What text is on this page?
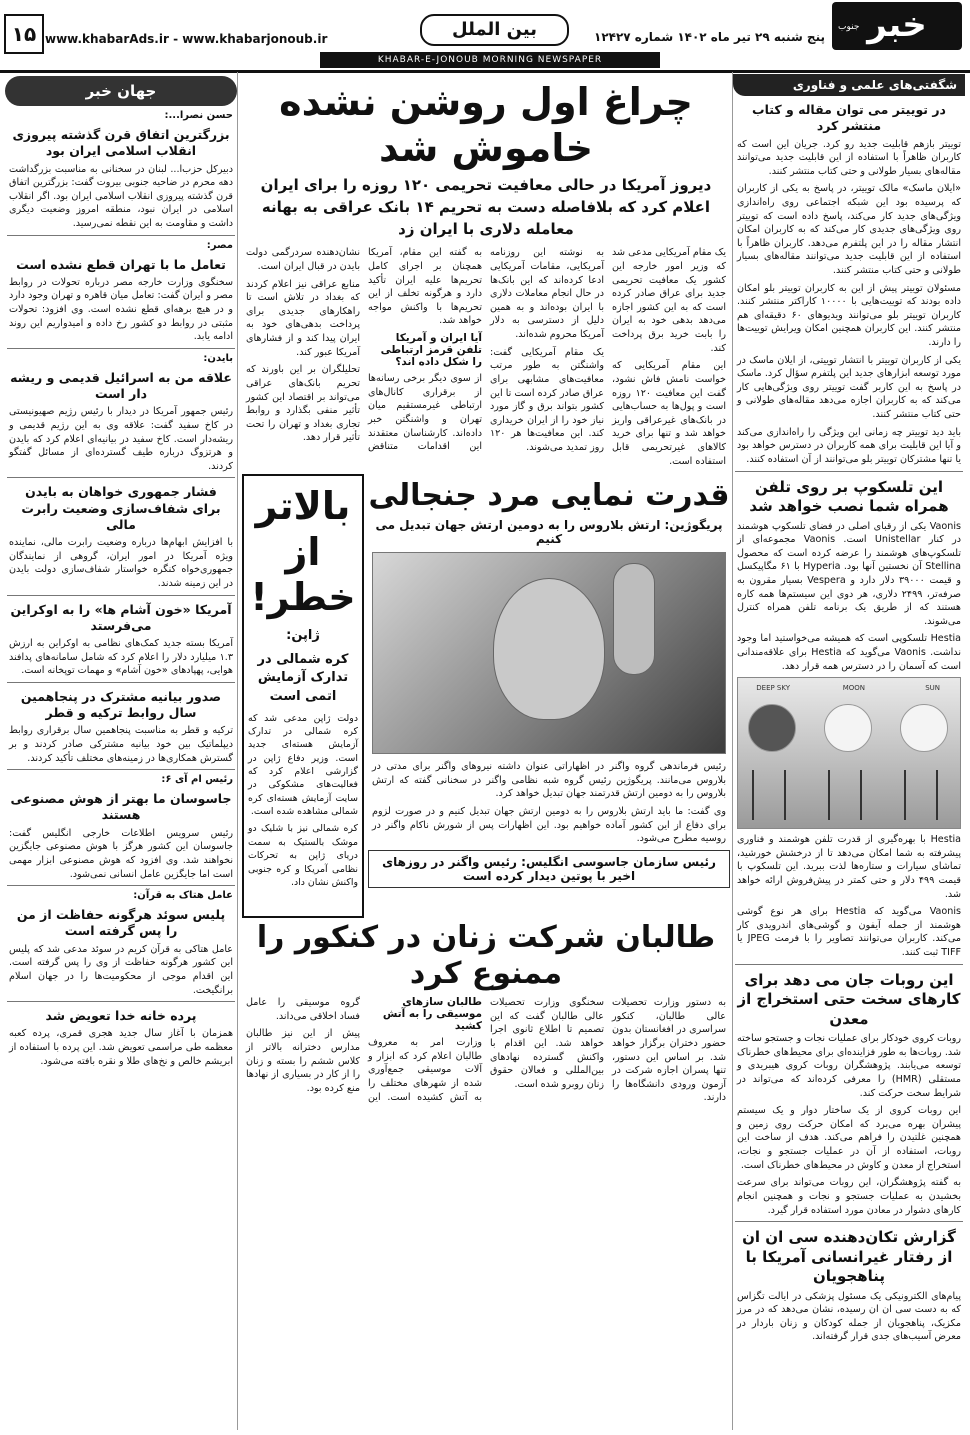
جنوب خبر
پنج شنبه ۲۹ تیر ماه ۱۴۰۲ شماره ۱۲۴۲۷
بین الملل
www.khabarAds.ir - www.khabarjonoub.ir
۱۵
KHABAR-E-JONOUB MORNING NEWSPAPER
شگفتی‌های علمی و فناوری
در توییتر می توان مقاله و کتاب منتشر کرد

توییتر بازهم قابلیت جدید رو کرد. جریان این است که کاربران ظاهراً با استفاده از این قابلیت جدید می‌توانند مقاله‌های بسیار طولانی و حتی کتاب منتشر کنند.

«ایلان ماسک» مالک توییتر، در پاسخ به یکی از کاربران که پرسیده بود این شبکه اجتماعی روی راه‌اندازی ویژگی‌های جدید کار می‌کند، پاسخ داده است که توییتر روی ویژگی‌های جدیدی کار می‌کند که به کاربران امکان انتشار مقاله را در این پلتفرم می‌دهد. کاربران ظاهراً با استفاده از این قابلیت جدید می‌توانند مقاله‌های بسیار طولانی و حتی کتاب منتشر کنند.

مسئولان توییتر پیش از این به کاربران توییتر بلو امکان داده بودند که توییت‌هایی با ۱۰۰۰۰ کاراکتر منتشر کنند. کاربران توییتر بلو می‌توانند ویدیوهای ۶۰ دقیقه‌ای هم منتشر کنند. این کاربران همچنین امکان ویرایش توییت‌ها را دارند.

یکی از کاربران توییتر با انتشار توییتی، از ایلان ماسک در مورد توسعه ابزارهای جدید این پلتفرم سؤال کرد. ماسک در پاسخ به این کاربر گفت توییتر روی ویژگی‌هایی کار می‌کند که به کاربران اجازه می‌دهد مقاله‌های طولانی و حتی کتاب منتشر کنند.

باید دید توییتر چه زمانی این ویژگی را راه‌اندازی می‌کند و آیا این قابلیت برای همه کاربران در دسترس خواهد بود یا تنها مشترکان توییتر بلو می‌توانند از آن استفاده کنند.

این تلسکوپ بر روی تلفن همراه شما نصب خواهد شد

Vaonis یکی از رقبای اصلی در فضای تلسکوپ هوشمند در کنار Unistellar است. Vaonis مجموعه‌ای از تلسکوپ‌های هوشمند را عرضه کرده است که محصول Stellina آن نخستین آنها بود. Hyperia با ۶۱ مگاپیکسل و قیمت ۳۹۰۰۰ دلار دارد و Vespera بسیار مقرون به صرفه‌تر، ۲۴۹۹ دلاری، هر دوی این سیستم‌ها همه کاره هستند که از طریق یک برنامه تلفن همراه کنترل می‌شوند.

Hestia تلسکوپی است که همیشه می‌خواستید اما وجود نداشت. Vaonis می‌گوید که Hestia برای علاقه‌مندانی است که آسمان را در دسترس همه قرار دهد.

SUN
MOON
DEEP SKY

Hestia با بهره‌گیری از قدرت تلفن هوشمند و فناوری پیشرفته به شما امکان می‌دهد تا از درخشش خورشید، تماشای سیارات و ستاره‌ها لذت ببرید. این تلسکوپ با قیمت ۴۹۹ دلار و حتی کمتر در پیش‌فروش ارائه خواهد شد.

Vaonis می‌گوید که Hestia برای هر نوع گوشی هوشمند از جمله آیفون و گوشی‌های اندرویدی کار می‌کند. کاربران می‌توانند تصاویر را با فرمت JPEG یا TIFF ثبت کنند.

این روبات‌ جان می دهد برای کارهای سخت حتی استخراج از معدن

روبات کروی خودکار برای عملیات نجات و جستجو ساخته شد. روبات‌ها به طور فزاینده‌ای برای محیط‌های خطرناک توسعه می‌یابند. پژوهشگران روبات کروی هیبریدی و مستقلی (HMR) را معرفی کرده‌اند که می‌تواند در شرایط سخت حرکت کند.

این روبات کروی از یک ساختار دوار و یک سیستم پیشران بهره می‌برد که امکان حرکت روی زمین و همچنین غلتیدن را فراهم می‌کند. هدف از ساخت این روبات، استفاده از آن در عملیات جستجو و نجات، استخراج از معدن و کاوش در محیط‌های خطرناک است.

به گفته پژوهشگران، این روبات می‌تواند برای سرعت بخشیدن به عملیات جستجو و نجات و همچنین انجام کارهای دشوار در معادن مورد استفاده قرار گیرد.

گزارش تکان‌دهنده سی ان ان از رفتار غیرانسانی آمریکا با پناهجویان

پیام‌های الکترونیکی یک مسئول پزشکی در ایالت تگزاس که به دست سی ان ان رسیده، نشان می‌دهد که در مرز مکزیک، پناهجویان از جمله کودکان و زنان باردار در معرض آسیب‌های جدی قرار گرفته‌اند.

جهان خبر
حسن نصرا...:
بزرگترین اتفاق قرن گذشته پیروزی انقلاب اسلامی ایران بود

دبیرکل حزب‌ا... لبنان در سخنانی به مناسبت بزرگداشت دهه محرم در ضاحیه جنوبی بیروت گفت: بزرگترین اتفاق قرن گذشته پیروزی انقلاب اسلامی ایران بود. اگر انقلاب اسلامی در ایران نبود، منطقه امروز وضعیت دیگری داشت و مقاومت به این نقطه نمی‌رسید.

مصر:
تعامل ما با تهران قطع نشده است

سخنگوی وزارت خارجه مصر درباره تحولات در روابط مصر و ایران گفت: تعامل میان قاهره و تهران وجود دارد و در هیچ برهه‌ای قطع نشده است. وی افزود: تحولات مثبتی در روابط دو کشور رخ داده و امیدواریم این روند ادامه یابد.

بایدن:
علاقه من به اسرائیل قدیمی و ریشه دار است

رئیس جمهور آمریکا در دیدار با رئیس رژیم صهیونیستی در کاخ سفید گفت: علاقه وی به این رژیم قدیمی و ریشه‌دار است. کاخ سفید در بیانیه‌ای اعلام کرد که بایدن و هرتزوگ درباره طیف گسترده‌ای از مسائل گفتگو کردند.

فشار جمهوری خواهان به بایدن برای شفاف‌سازی وضعیت رابرت مالی

با افزایش ابهام‌ها درباره وضعیت رابرت مالی، نماینده ویژه آمریکا در امور ایران، گروهی از نمایندگان جمهوری‌خواه کنگره خواستار شفاف‌سازی دولت بایدن در این زمینه شدند.

آمریکا «خون آشام ها» را به اوکراین می‌فرستد

آمریکا بسته جدید کمک‌های نظامی به اوکراین به ارزش ۱.۳ میلیارد دلار را اعلام کرد که شامل سامانه‌های پدافند هوایی، پهپادهای «خون آشام» و مهمات توپخانه است.

صدور بیانیه مشترک در پنجاهمین سال روابط ترکیه و قطر

ترکیه و قطر به مناسبت پنجاهمین سال برقراری روابط دیپلماتیک بین خود بیانیه مشترکی صادر کردند و بر گسترش همکاری‌ها در زمینه‌های مختلف تأکید کردند.

رئیس ام آی ۶:
جاسوسان ما بهتر از هوش مصنوعی هستند

رئیس سرویس اطلاعات خارجی انگلیس گفت: جاسوسان این کشور هرگز با هوش مصنوعی جایگزین نخواهند شد. وی افزود که هوش مصنوعی ابزار مهمی است اما جایگزین عامل انسانی نمی‌شود.

عامل هتاک به قرآن:
پلیس سوئد هرگونه حفاظت از من را پس گرفته است

عامل هتاکی به قرآن کریم در سوئد مدعی شد که پلیس این کشور هرگونه حفاظت از وی را پس گرفته است. این اقدام موجی از محکومیت‌ها را در جهان اسلام برانگیخت.

پرده خانه خدا تعویض شد

همزمان با آغاز سال جدید هجری قمری، پرده کعبه معظمه طی مراسمی تعویض شد. این پرده با استفاده از ابریشم خالص و نخ‌های طلا و نقره بافته می‌شود.

چراغ اول روشن نشده خاموش شد
دیروز آمریکا در حالی معافیت تحریمی ۱۲۰ روزه را برای ایران اعلام کرد که بلافاصله دست به تحریم ۱۴ بانک عراقی به بهانه معامله دلاری با ایران زد

یک مقام آمریکایی مدعی شد که وزیر امور خارجه این کشور یک معافیت تحریمی جدید برای عراق صادر کرده است که به این کشور اجازه می‌دهد بدهی خود به ایران را بابت خرید برق پرداخت کند.

این مقام آمریکایی که خواست نامش فاش نشود، گفت این معافیت ۱۲۰ روزه است و پول‌ها به حساب‌هایی در بانک‌های غیرعراقی واریز خواهد شد و تنها برای خرید کالاهای غیرتحریمی قابل استفاده است.

به نوشته این روزنامه آمریکایی، مقامات آمریکایی ادعا کرده‌اند که این بانک‌ها در حال انجام معاملات دلاری با ایران بوده‌اند و به همین دلیل از دسترسی به دلار آمریکا محروم شده‌اند.

یک مقام آمریکایی گفت: واشنگتن به طور مرتب معافیت‌های مشابهی برای عراق صادر کرده است تا این کشور بتواند برق و گاز مورد نیاز خود را از ایران خریداری کند. این معافیت‌ها هر ۱۲۰ روز تمدید می‌شوند.

به گفته این مقام، آمریکا همچنان بر اجرای کامل تحریم‌ها علیه ایران تأکید دارد و هرگونه تخلف از این تحریم‌ها با واکنش مواجه خواهد شد.

آیا ایران و آمریکا تلفن قرمز ارتباطی را شکل داده اند؟

از سوی دیگر برخی رسانه‌ها از برقراری کانال‌های ارتباطی غیرمستقیم میان تهران و واشنگتن خبر داده‌اند. کارشناسان معتقدند این اقدامات متناقض نشان‌دهنده سردرگمی دولت بایدن در قبال ایران است.

منابع عراقی نیز اعلام کردند که بغداد در تلاش است تا راهکارهای جدیدی برای پرداخت بدهی‌های خود به ایران پیدا کند و از فشارهای آمریکا عبور کند.

تحلیلگران بر این باورند که تحریم بانک‌های عراقی می‌تواند بر اقتصاد این کشور تأثیر منفی بگذارد و روابط تجاری بغداد و تهران را تحت تأثیر قرار دهد.

بالاتر از خطر!
ژاپن:
کره شمالی در تدارک آزمایش اتمی است

دولت ژاپن مدعی شد که کره شمالی در تدارک آزمایش هسته‌ای جدید است. وزیر دفاع ژاپن در گزارشی اعلام کرد که فعالیت‌های مشکوکی در سایت آزمایش هسته‌ای کره شمالی مشاهده شده است.

کره شمالی نیز با شلیک دو موشک بالستیک به سمت دریای ژاپن به تحرکات نظامی آمریکا و کره جنوبی واکنش نشان داد.

قدرت نمایی مرد جنجالی
پریگوژین: ارتش بلاروس را به دومین ارتش جهان تبدیل می کنیم

رئیس فرماندهی گروه واگنر در اظهاراتی عنوان داشته نیروهای واگنر برای مدتی در بلاروس می‌مانند. پریگوژین رئیس گروه شبه نظامی واگنر در سخنانی گفته که ارتش بلاروس را به دومین ارتش قدرتمند جهان تبدیل خواهد کرد.

وی گفت: ما باید ارتش بلاروس را به دومین ارتش جهان تبدیل کنیم و در صورت لزوم برای دفاع از این کشور آماده خواهیم بود. این اظهارات پس از شورش ناکام واگنر در روسیه مطرح می‌شود.

رئیس سازمان جاسوسی انگلیس: رئیس واگنر در روزهای اخیر با پوتین دیدار کرده است
طالبان شرکت زنان در کنکور را ممنوع کرد

به دستور وزارت تحصیلات عالی طالبان، کنکور سراسری در افغانستان بدون حضور دختران برگزار خواهد شد. بر اساس این دستور، تنها پسران اجازه شرکت در آزمون ورودی دانشگاه‌ها را دارند.

سخنگوی وزارت تحصیلات عالی طالبان گفت که این تصمیم تا اطلاع ثانوی اجرا خواهد شد. این اقدام با واکنش گسترده نهادهای بین‌المللی و فعالان حقوق زنان روبرو شده است.

طالبان سازهای موسیقی را به آتش کشید

وزارت امر به معروف طالبان اعلام کرد که ابزار و آلات موسیقی جمع‌آوری شده از شهرهای مختلف را به آتش کشیده است. این گروه موسیقی را عامل فساد اخلاقی می‌داند.

پیش از این نیز طالبان مدارس دخترانه بالاتر از کلاس ششم را بسته و زنان را از کار در بسیاری از نهادها منع کرده بود.
